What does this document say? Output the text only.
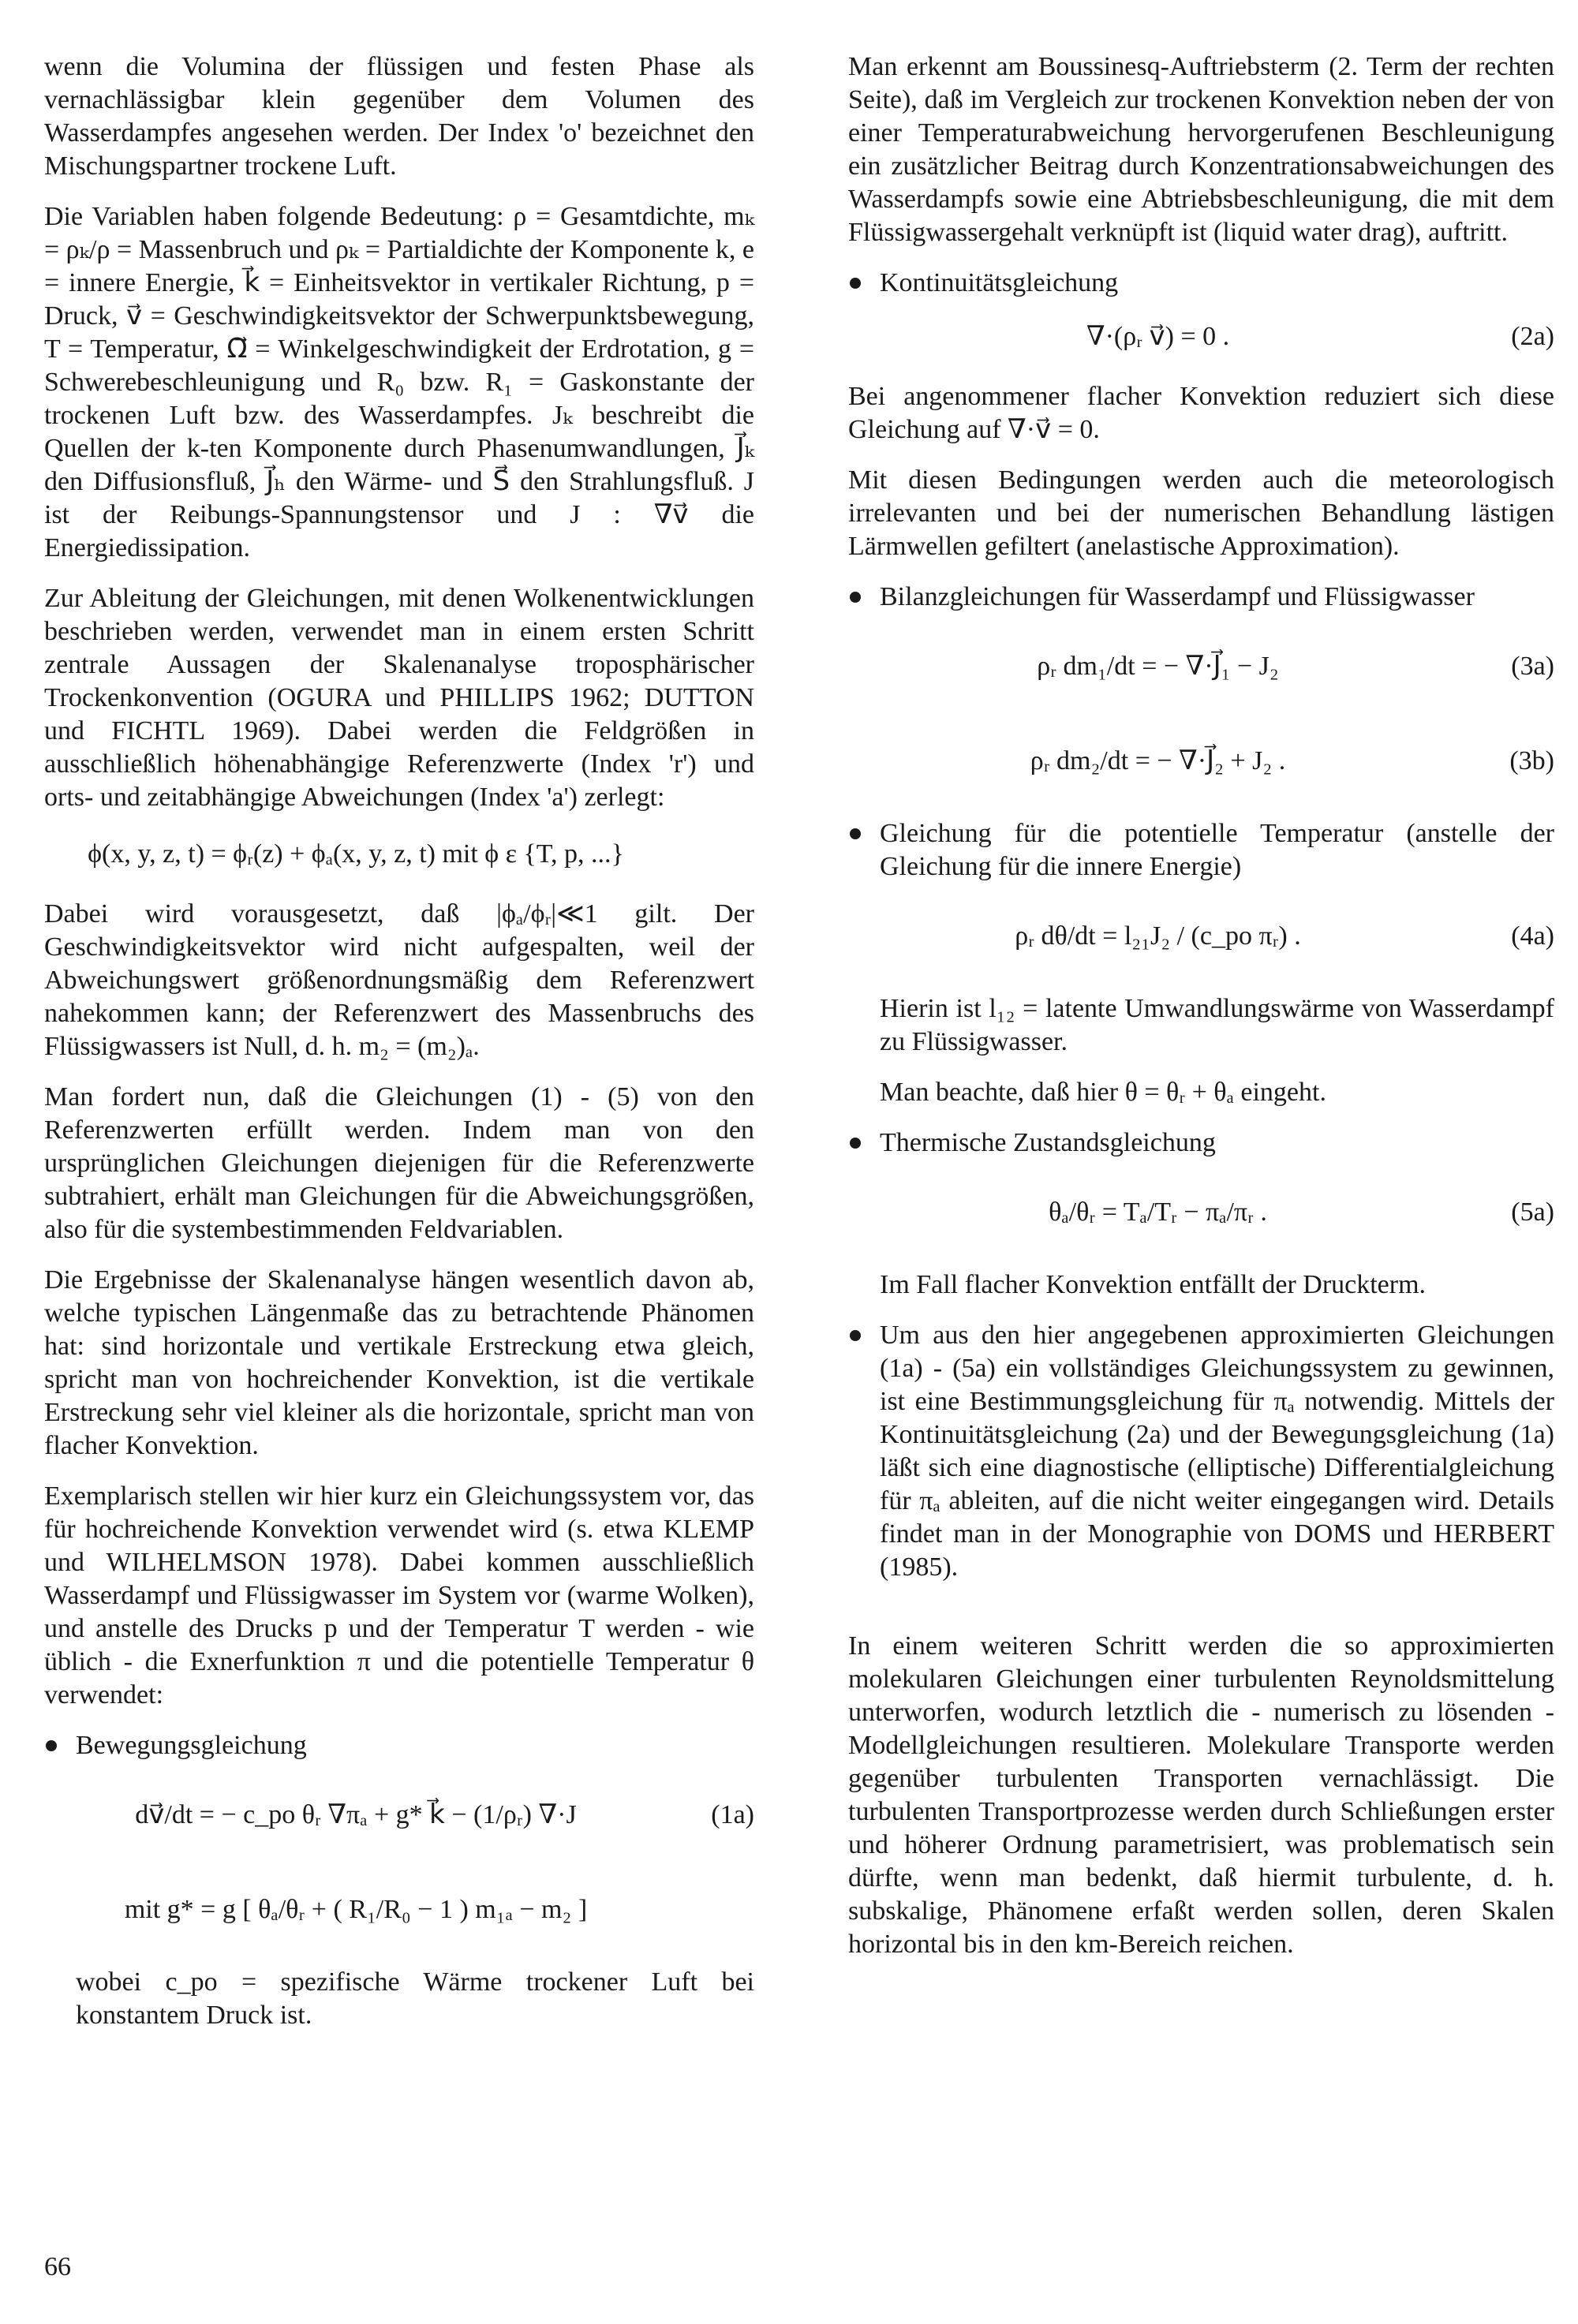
wenn die Volumina der flüssigen und festen Phase als vernachlässigbar klein gegenüber dem Volumen des Wasserdampfes angesehen werden. Der Index 'o' bezeichnet den Mischungspartner trockene Luft.

Die Variablen haben folgende Bedeutung: ρ = Gesamtdichte, mₖ = ρₖ/ρ = Massenbruch und ρₖ = Partialdichte der Komponente k, e = innere Energie, k⃗ = Einheitsvektor in vertikaler Richtung, p = Druck, v⃗ = Geschwindigkeitsvektor der Schwerpunktsbewegung, T = Temperatur, Ω⃗ = Winkelgeschwindigkeit der Erdrotation, g = Schwerebeschleunigung und R₀ bzw. R₁ = Gaskonstante der trockenen Luft bzw. des Wasserdampfes. Jₖ beschreibt die Quellen der k-ten Komponente durch Phasenumwandlungen, J⃗ₖ den Diffusionsfluß, J⃗ₕ den Wärme- und S⃗ den Strahlungsfluß. J ist der Reibungs-Spannungstensor und J : ∇v⃗ die Energiedissipation.

Zur Ableitung der Gleichungen, mit denen Wolkenentwicklungen beschrieben werden, verwendet man in einem ersten Schritt zentrale Aussagen der Skalenanalyse troposphärischer Trockenkonvention (OGURA und PHILLIPS 1962; DUTTON und FICHTL 1969). Dabei werden die Feldgrößen in ausschließlich höhenabhängige Referenzwerte (Index 'r') und orts- und zeitabhängige Abweichungen (Index 'a') zerlegt:

ϕ(x, y, z, t) = ϕᵣ(z) + ϕₐ(x, y, z, t) mit ϕ ε {T, p, ...}

Dabei wird vorausgesetzt, daß |ϕₐ/ϕᵣ|≪1 gilt. Der Geschwindigkeitsvektor wird nicht aufgespalten, weil der Abweichungswert größenordnungsmäßig dem Referenzwert nahekommen kann; der Referenzwert des Massenbruchs des Flüssigwassers ist Null, d. h. m₂ = (m₂)ₐ.

Man fordert nun, daß die Gleichungen (1) - (5) von den Referenzwerten erfüllt werden. Indem man von den ursprünglichen Gleichungen diejenigen für die Referenzwerte subtrahiert, erhält man Gleichungen für die Abweichungsgrößen, also für die systembestimmenden Feldvariablen.

Die Ergebnisse der Skalenanalyse hängen wesentlich davon ab, welche typischen Längenmaße das zu betrachtende Phänomen hat: sind horizontale und vertikale Erstreckung etwa gleich, spricht man von hochreichender Konvektion, ist die vertikale Erstreckung sehr viel kleiner als die horizontale, spricht man von flacher Konvektion.

Exemplarisch stellen wir hier kurz ein Gleichungssystem vor, das für hochreichende Konvektion verwendet wird (s. etwa KLEMP und WILHELMSON 1978). Dabei kommen ausschließlich Wasserdampf und Flüssigwasser im System vor (warme Wolken), und anstelle des Drucks p und der Temperatur T werden - wie üblich - die Exnerfunktion π und die potentielle Temperatur θ verwendet:

Bewegungsgleichung
dv⃗/dt = − c_po θᵣ ∇πₐ + g* k⃗ − (1/ρᵣ) ∇·J	(1a)
mit g* = g [ θₐ/θᵣ + ( R₁/R₀ − 1 ) m₁ₐ − m₂ ]

wobei c_po = spezifische Wärme trockener Luft bei konstantem Druck ist.

Man erkennt am Boussinesq-Auftriebsterm (2. Term der rechten Seite), daß im Vergleich zur trockenen Konvektion neben der von einer Temperaturabweichung hervorgerufenen Beschleunigung ein zusätzlicher Beitrag durch Konzentrationsabweichungen des Wasserdampfs sowie eine Abtriebsbeschleunigung, die mit dem Flüssigwassergehalt verknüpft ist (liquid water drag), auftritt.

Kontinuitätsgleichung
∇·(ρᵣ v⃗) = 0 .	(2a)

Bei angenommener flacher Konvektion reduziert sich diese Gleichung auf ∇·v⃗ = 0.

Mit diesen Bedingungen werden auch die meteorologisch irrelevanten und bei der numerischen Behandlung lästigen Lärmwellen gefiltert (anelastische Approximation).

Bilanzgleichungen für Wasserdampf und Flüssigwasser
ρᵣ dm₁/dt = − ∇·J⃗₁ − J₂	(3a)
ρᵣ dm₂/dt = − ∇·J⃗₂ + J₂ .	(3b)
Gleichung für die potentielle Temperatur (anstelle der Gleichung für die innere Energie)
ρᵣ dθ/dt = l₂₁J₂ / (c_po πᵣ) .	(4a)

Hierin ist l₁₂ = latente Umwandlungswärme von Wasserdampf zu Flüssigwasser.

Man beachte, daß hier θ = θᵣ + θₐ eingeht.

Thermische Zustandsgleichung
θₐ/θᵣ = Tₐ/Tᵣ − πₐ/πᵣ .	(5a)

Im Fall flacher Konvektion entfällt der Druckterm.

Um aus den hier angegebenen approximierten Gleichungen (1a) - (5a) ein vollständiges Gleichungssystem zu gewinnen, ist eine Bestimmungsgleichung für πₐ notwendig. Mittels der Kontinuitätsgleichung (2a) und der Bewegungsgleichung (1a) läßt sich eine diagnostische (elliptische) Differentialgleichung für πₐ ableiten, auf die nicht weiter eingegangen wird. Details findet man in der Monographie von DOMS und HERBERT (1985).

In einem weiteren Schritt werden die so approximierten molekularen Gleichungen einer turbulenten Reynoldsmittelung unterworfen, wodurch letztlich die - numerisch zu lösenden - Modellgleichungen resultieren. Molekulare Transporte werden gegenüber turbulenten Transporten vernachlässigt. Die turbulenten Transportprozesse werden durch Schließungen erster und höherer Ordnung parametrisiert, was problematisch sein dürfte, wenn man bedenkt, daß hiermit turbulente, d. h. subskalige, Phänomene erfaßt werden sollen, deren Skalen horizontal bis in den km-Bereich reichen.

66
